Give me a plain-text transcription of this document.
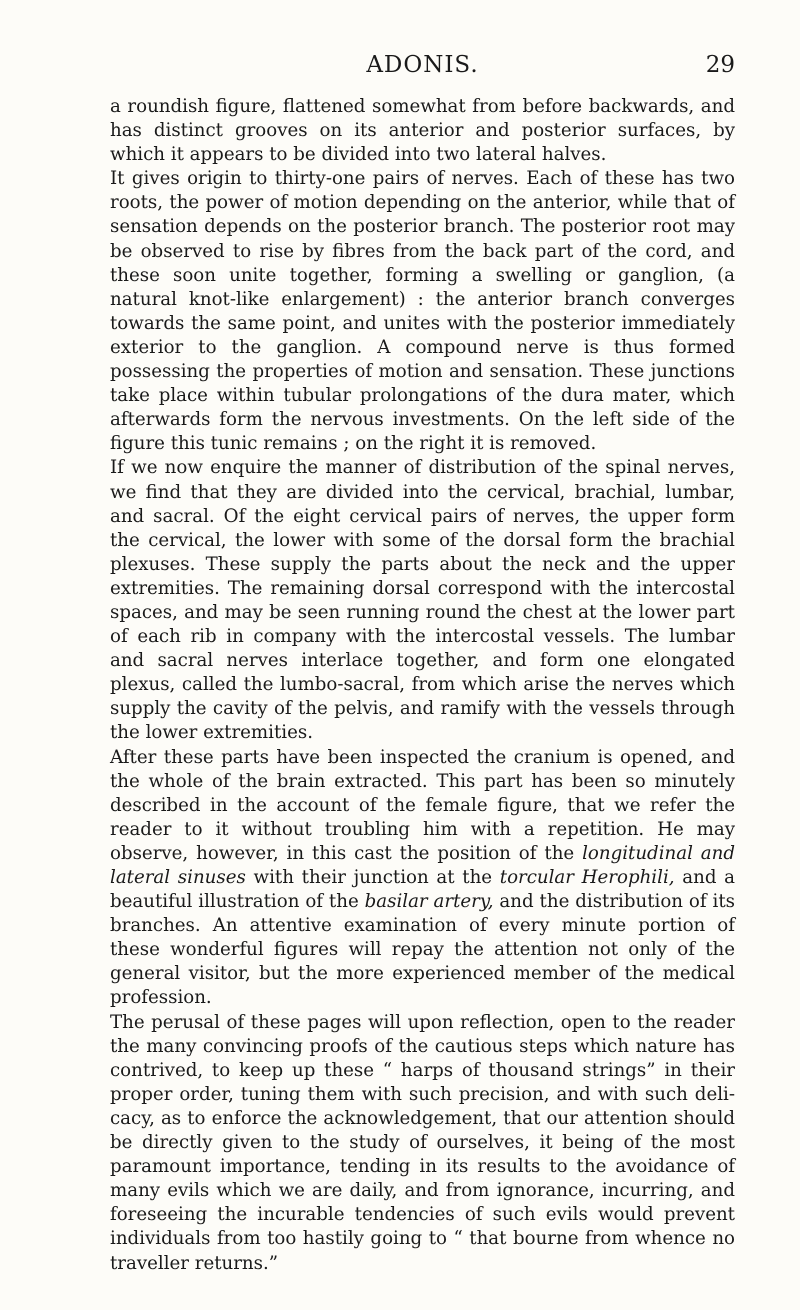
ADONIS.	29

a roundish figure, flattened somewhat from before backwards, and has distinct grooves on its anterior and posterior surfaces, by which it appears to be divided into two lateral halves.

It gives origin to thirty-one pairs of nerves. Each of these has two roots, the power of motion depending on the anterior, while that of sensation depends on the posterior branch. The posterior root may be observed to rise by fibres from the back part of the cord, and these soon unite together, forming a swelling or ganglion, (a natural knot-like enlargement) : the anterior branch converges towards the same point, and unites with the posterior immediately exterior to the ganglion. A compound nerve is thus formed possessing the properties of motion and sensation. These junctions take place within tubular prolongations of the dura mater, which afterwards form the nervous investments. On the left side of the figure this tunic remains ; on the right it is removed.

If we now enquire the manner of distribution of the spinal nerves, we find that they are divided into the cervical, brachial, lumbar, and sacral. Of the eight cervical pairs of nerves, the upper form the cervical, the lower with some of the dorsal form the brachial plexuses. These supply the parts about the neck and the upper extremities. The remaining dorsal correspond with the intercostal spaces, and may be seen running round the chest at the lower part of each rib in company with the intercostal vessels. The lumbar and sacral nerves interlace together, and form one elongated plexus, called the lumbo-sacral, from which arise the nerves which supply the cavity of the pelvis, and ramify with the vessels through the lower extremities.

After these parts have been inspected the cranium is opened, and the whole of the brain extracted. This part has been so minutely described in the account of the female figure, that we refer the reader to it without troubling him with a repetition. He may observe, however, in this cast the position of the longitudinal and lateral sinuses with their junction at the torcular Herophili, and a beautiful illustration of the basilar artery, and the distribution of its branches. An attentive examination of every minute portion of these wonderful figures will repay the attention not only of the general visitor, but the more experienced member of the medical profession.

The perusal of these pages will upon reflection, open to the reader the many convincing proofs of the cautious steps which nature has contrived, to keep up these “ harps of thousand strings” in their proper order, tuning them with such precision, and with such deli-cacy, as to enforce the acknowledgement, that our attention should be directly given to the study of ourselves, it being of the most paramount importance, tending in its results to the avoidance of many evils which we are daily, and from ignorance, incurring, and foreseeing the incurable tendencies of such evils would prevent individuals from too hastily going to “ that bourne from whence no traveller returns.”
